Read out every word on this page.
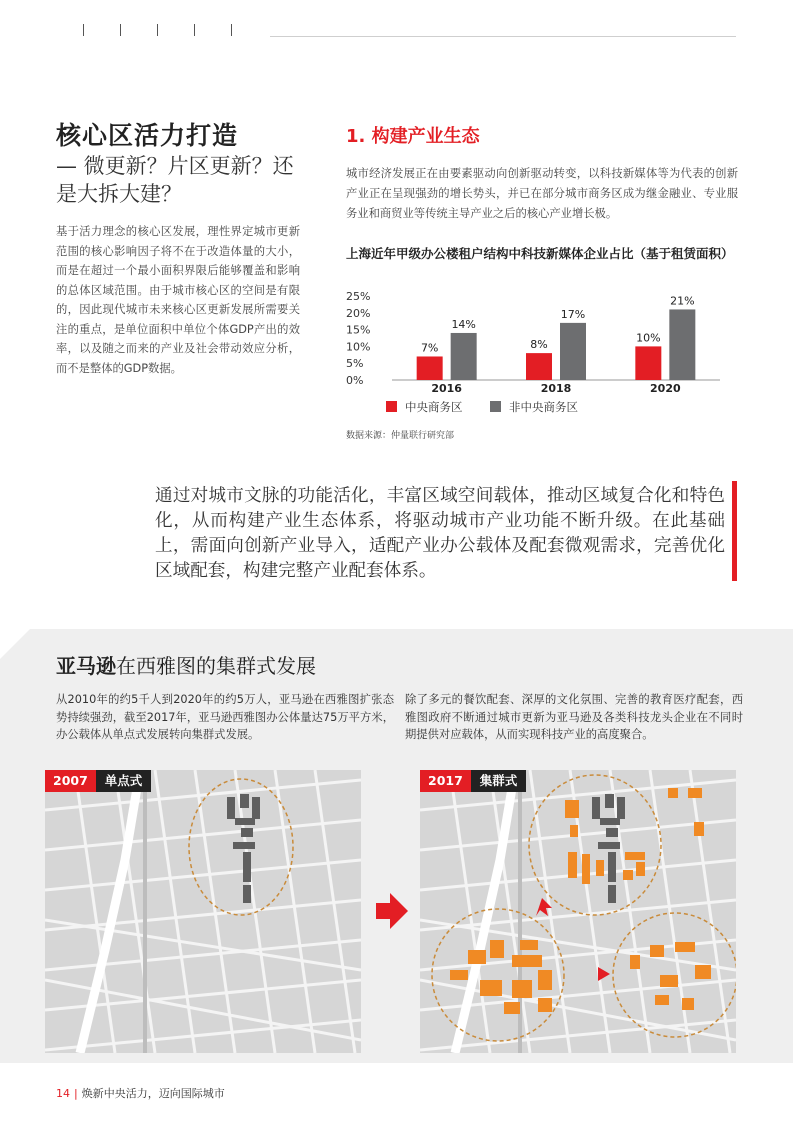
核心区活力打造
— 微更新？片区更新？还是大拆大建？
基于活力理念的核心区发展，理性界定城市更新范围的核心影响因子将不在于改造体量的大小，而是在超过一个最小面积界限后能够覆盖和影响的总体区域范围。由于城市核心区的空间是有限的，因此现代城市未来核心区更新发展所需要关注的重点，是单位面积中单位个体GDP产出的效率，以及随之而来的产业及社会带动效应分析，而不是整体的GDP数据。
1. 构建产业生态
城市经济发展正在由要素驱动向创新驱动转变，以科技新媒体等为代表的创新产业正在呈现强劲的增长势头，并已在部分城市商务区成为继金融业、专业服务业和商贸业等传统主导产业之后的核心产业增长极。
上海近年甲级办公楼租户结构中科技新媒体企业占比（基于租赁面积）
0%
5%
10%
15%
20%
25%
7%
14%
2016
8%
17%
2018
10%
21%
2020
中央商务区	非中央商务区
数据来源：仲量联行研究部
通过对城市文脉的功能活化，丰富区域空间载体，推动区域复合化和特色化，从而构建产业生态体系，将驱动城市产业功能不断升级。在此基础上，需面向创新产业导入，适配产业办公载体及配套微观需求，完善优化区域配套，构建完整产业配套体系。
亚马逊在西雅图的集群式发展
从2010年的约5千人到2020年的约5万人，亚马逊在西雅图扩张态势持续强劲，截至2017年，亚马逊西雅图办公体量达75万平方米，办公载体从单点式发展转向集群式发展。
除了多元的餐饮配套、深厚的文化氛围、完善的教育医疗配套，西雅图政府不断通过城市更新为亚马逊及各类科技龙头企业在不同时期提供对应载体，从而实现科技产业的高度聚合。
2007	单点式	2017	集群式
14 | 焕新中央活力，迈向国际城市
